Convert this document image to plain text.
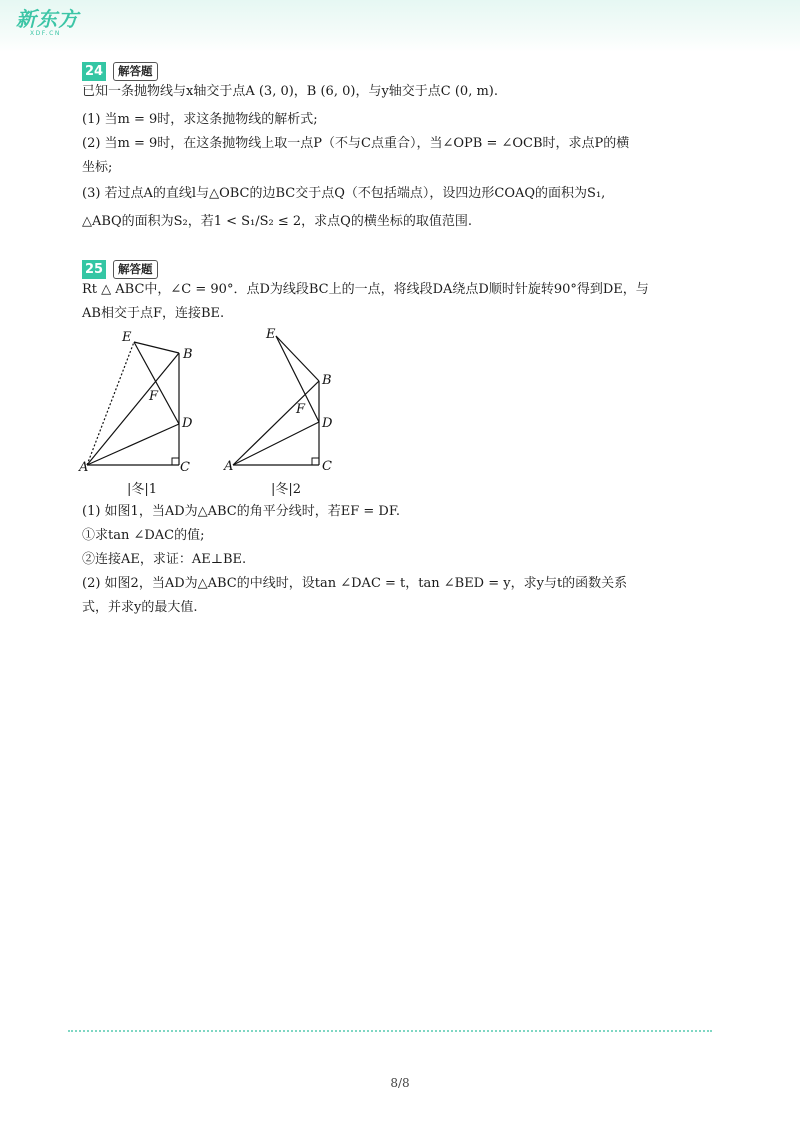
新东方
XDF.CN
24	解答题
已知一条抛物线与x轴交于点A (3, 0)，B (6, 0)，与y轴交于点C (0, m).
(1) 当m = 9时，求这条抛物线的解析式;
(2) 当m = 9时，在这条抛物线上取一点P（不与C点重合），当∠OPB = ∠OCB时，求点P的横
坐标;
(3) 若过点A的直线l与△OBC的边BC交于点Q（不包括端点），设四边形COAQ的面积为S₁,
△ABQ的面积为S₂，若1 < S₁/S₂ ≤ 2，求点Q的横坐标的取值范围.
25	解答题
Rt △ ABC中，∠C = 90°．点D为线段BC上的一点，将线段DA绕点D顺时针旋转90°得到DE，与
AB相交于点F，连接BE.
E
B
F
D
A	C
|冬|1
E
B
F
D
A	C
|冬|2
(1) 如图1，当AD为△ABC的角平分线时，若EF = DF.
①求tan ∠DAC的值;
②连接AE，求证：AE⊥BE.
(2) 如图2，当AD为△ABC的中线时，设tan ∠DAC = t，tan ∠BED = y，求y与t的函数关系
式，并求y的最大值.
8/8
